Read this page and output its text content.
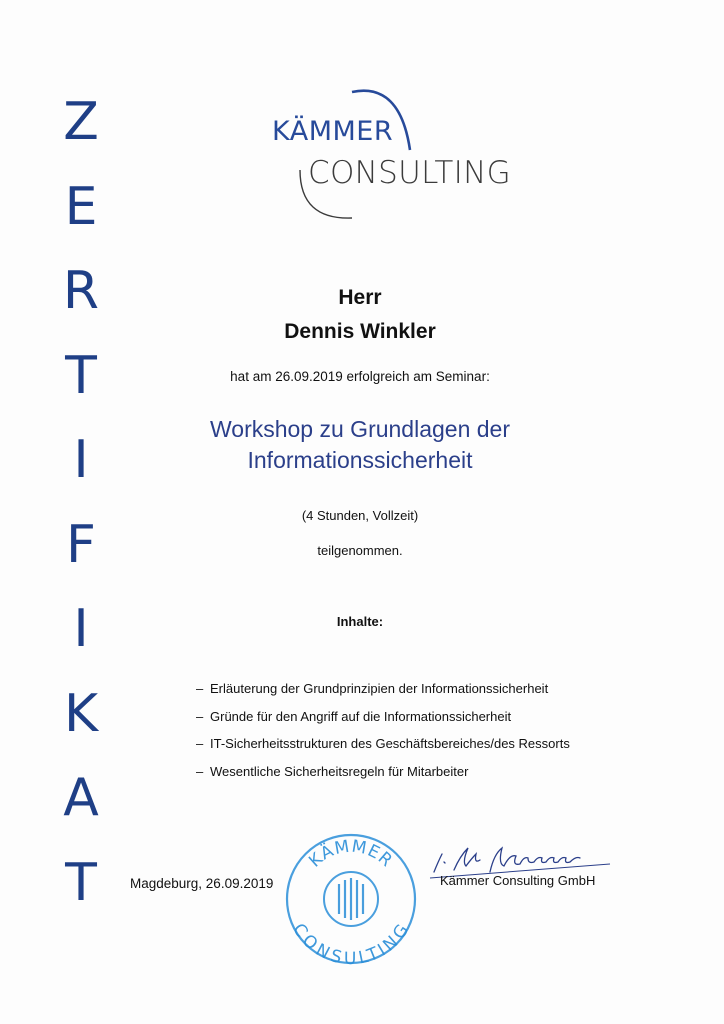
Z
E
R
T
I
F
I
K
A
T
KÄMMER
CONSULTING
Herr
Dennis Winkler
hat am 26.09.2019 erfolgreich am Seminar:
Workshop zu Grundlagen der
Informationssicherheit
(4 Stunden, Vollzeit)
teilgenommen.
Inhalte:
– Erläuterung der Grundprinzipien der Informationssicherheit
– Gründe für den Angriff auf die Informationssicherheit
– IT-Sicherheitsstrukturen des Geschäftsbereiches/des Ressorts
– Wesentliche Sicherheitsregeln für Mitarbeiter
Magdeburg, 26.09.2019
KÄMMER
CONSULTING
Kämmer Consulting GmbH
